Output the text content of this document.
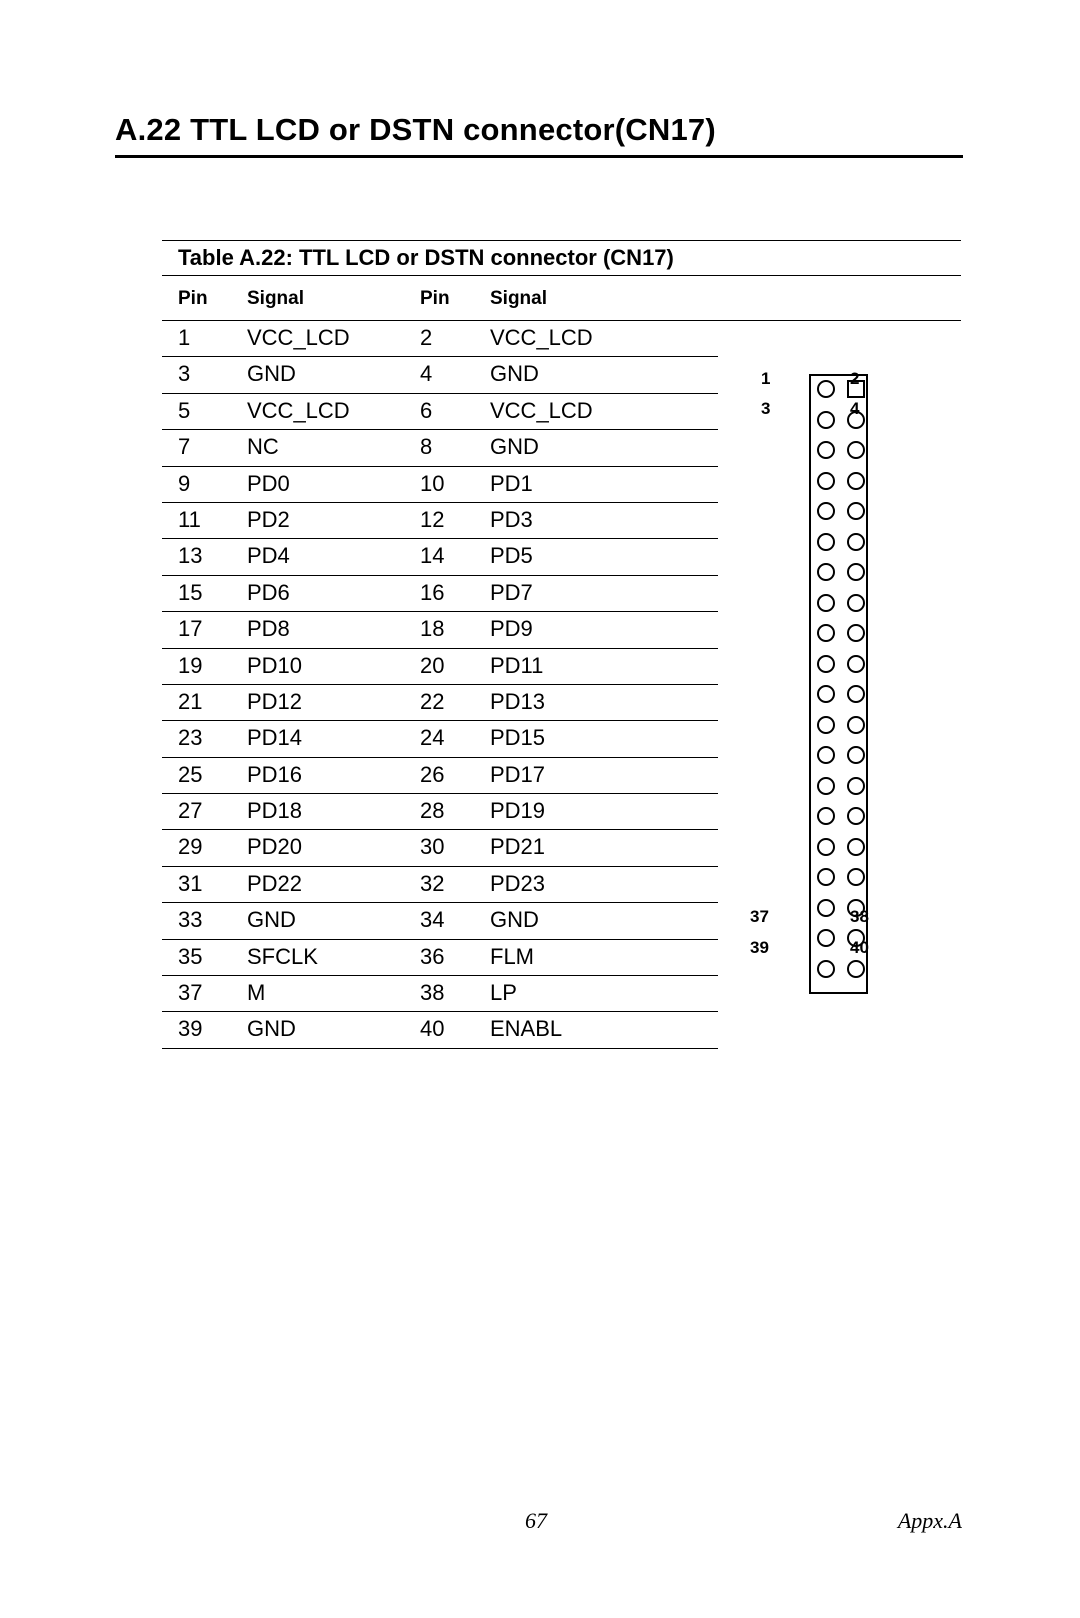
A.22 TTL LCD or DSTN connector(CN17)
Table A.22: TTL LCD or DSTN connector (CN17)
Pin Signal	Pin Signal
1	VCC_LCD	2	VCC_LCD
3	GND	4	GND
5	VCC_LCD	6	VCC_LCD
7	NC	8	GND
9	PD0	10 PD1
11 PD2	12 PD3
13 PD4	14 PD5
15 PD6	16 PD7
17 PD8	18 PD9
19 PD10	20 PD11
21 PD12	22 PD13
23 PD14	24 PD15
25 PD16	26 PD17
27 PD18	28 PD19
29 PD20	30 PD21
31 PD22	32 PD23
33 GND	34 GND
35 SFCLK	36 FLM
37 M	38 LP
39 GND	40 ENABL
1
3
2
4
37
39
38
40
67	Appx.A
